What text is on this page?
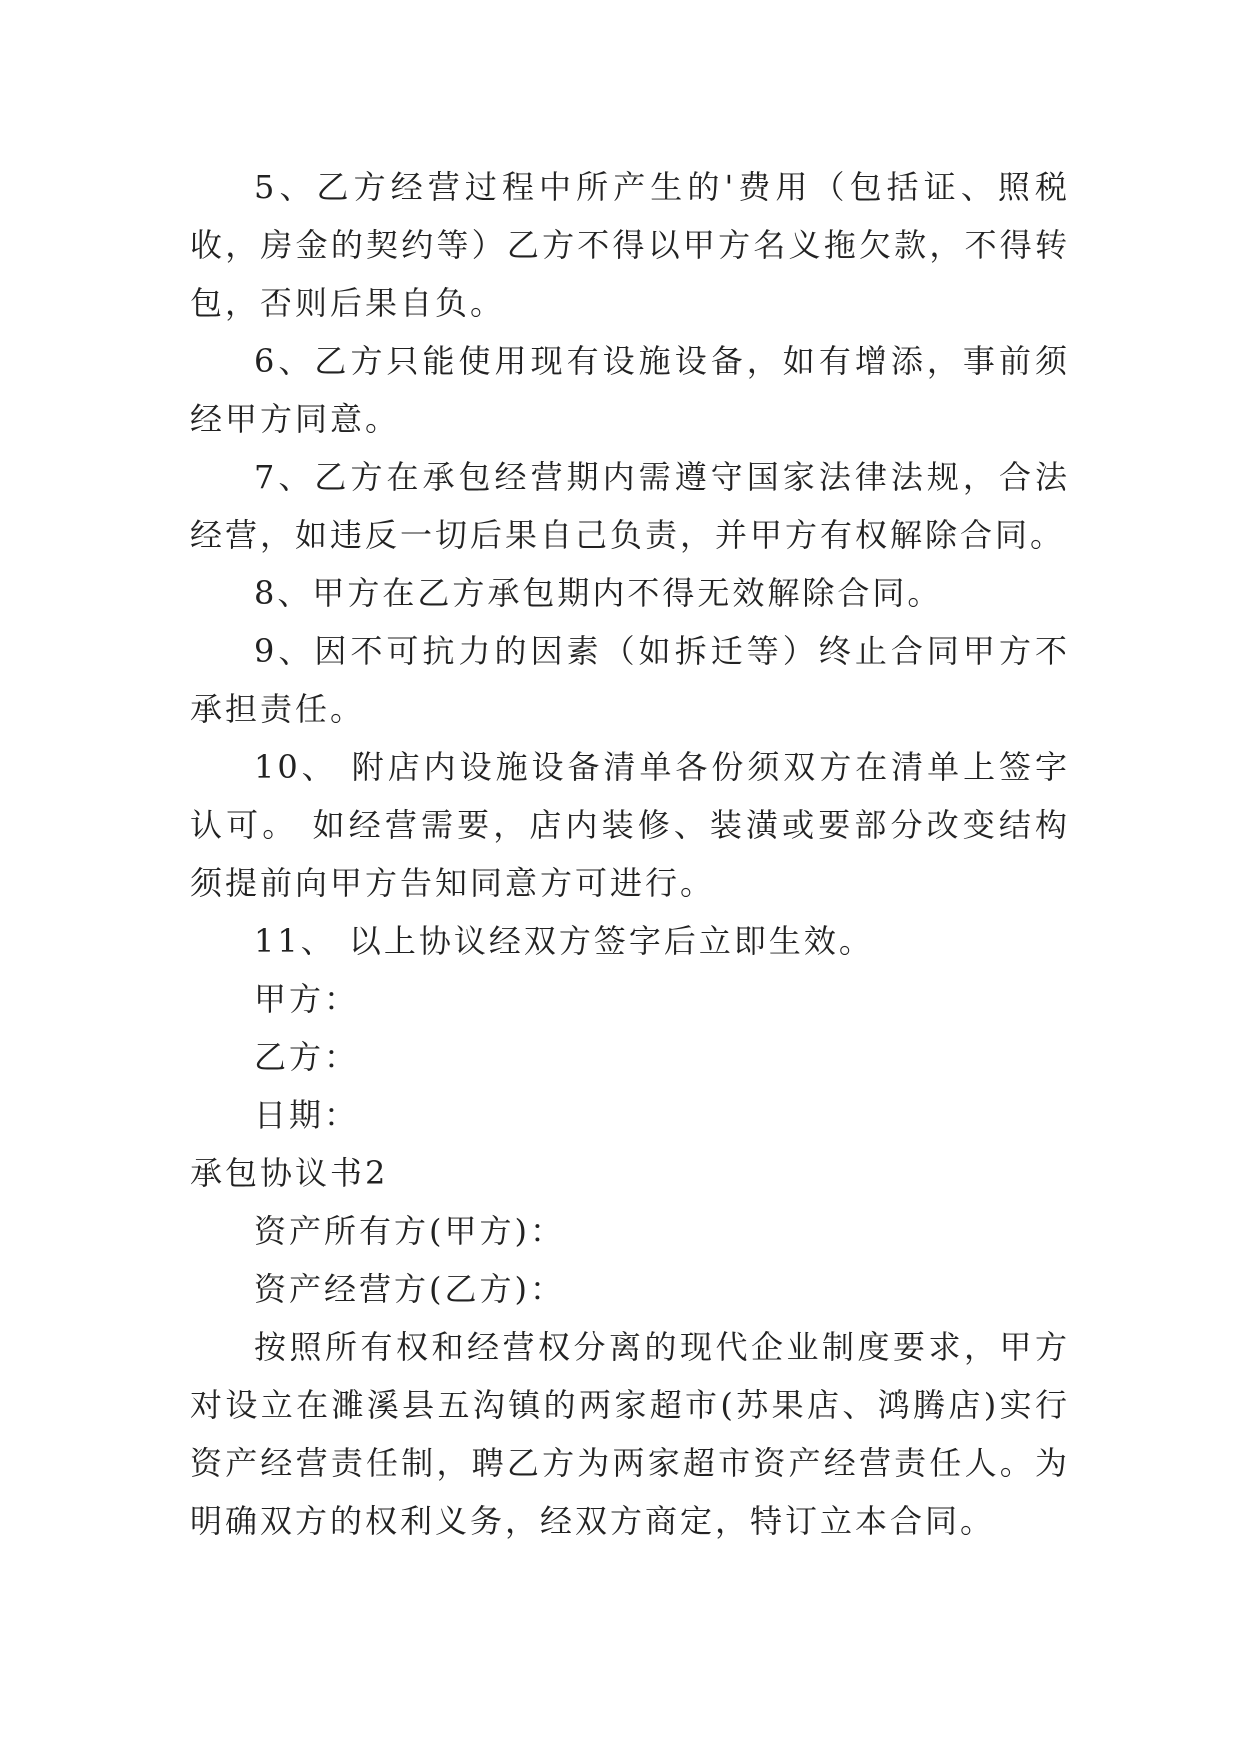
5、乙方经营过程中所产生的'费用（包括证、照税收，房金的契约等）乙方不得以甲方名义拖欠款，不得转包，否则后果自负。

6、乙方只能使用现有设施设备，如有增添，事前须经甲方同意。

7、乙方在承包经营期内需遵守国家法律法规，合法经营，如违反一切后果自己负责，并甲方有权解除合同。

8、甲方在乙方承包期内不得无效解除合同。

9、因不可抗力的因素（如拆迁等）终止合同甲方不承担责任。

10、 附店内设施设备清单各份须双方在清单上签字认可。 如经营需要，店内装修、装潢或要部分改变结构须提前向甲方告知同意方可进行。

11、 以上协议经双方签字后立即生效。

甲方：

乙方：

日期：

承包协议书2

资产所有方(甲方)：

资产经营方(乙方)：

按照所有权和经营权分离的现代企业制度要求，甲方对设立在濉溪县五沟镇的两家超市(苏果店、鸿腾店)实行资产经营责任制，聘乙方为两家超市资产经营责任人。为明确双方的权利义务，经双方商定，特订立本合同。
